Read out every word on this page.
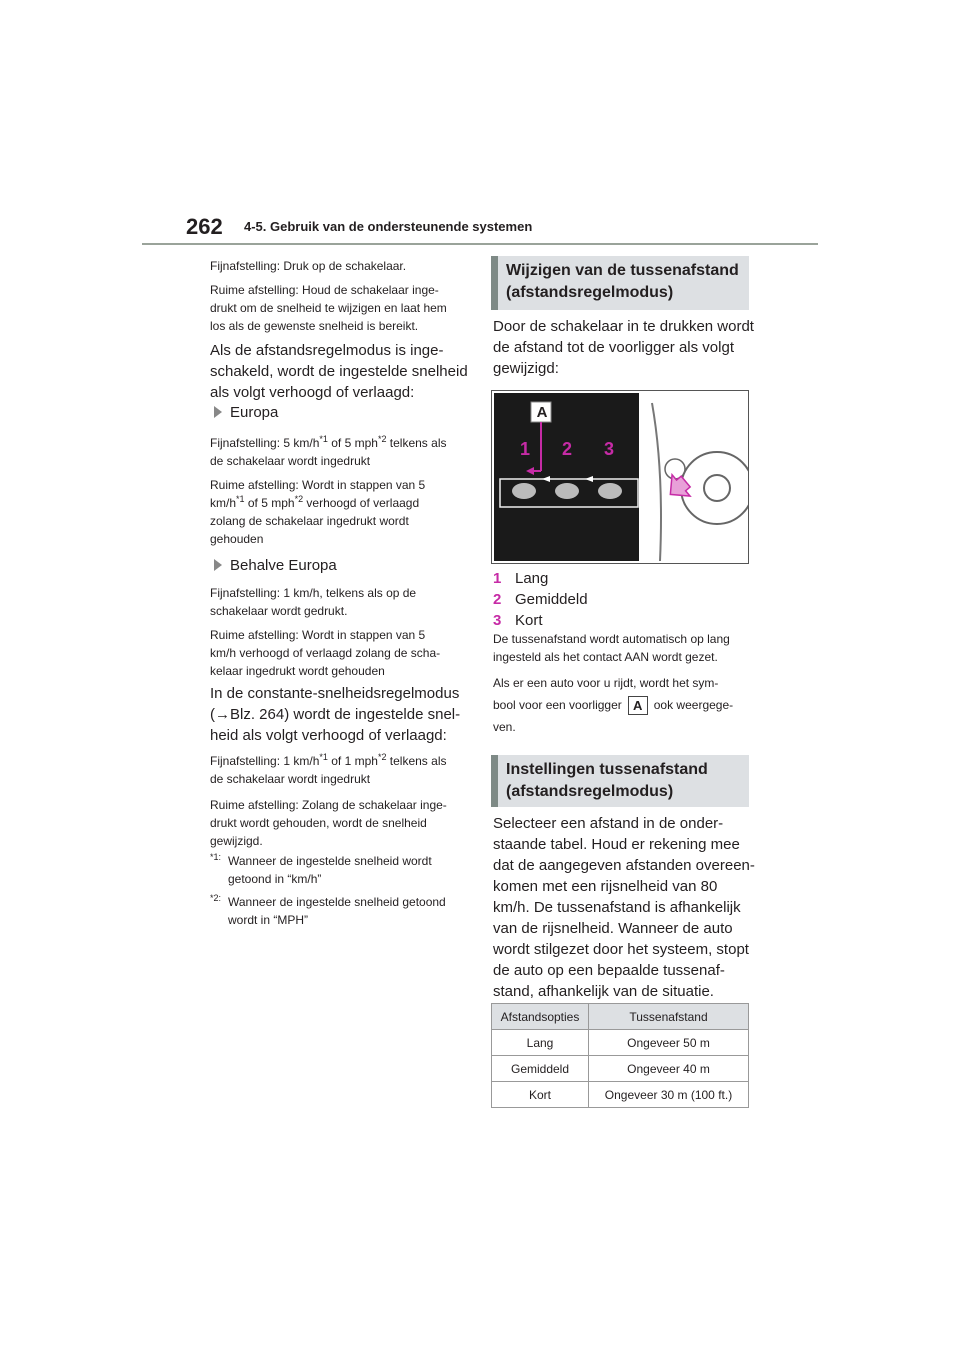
262 4-5. Gebruik van de ondersteunende systemen
Fijnafstelling: Druk op de schakelaar.
Ruime afstelling: Houd de schakelaar inge-
drukt om de snelheid te wijzigen en laat hem
los als de gewenste snelheid is bereikt.
Als de afstandsregelmodus is inge-
schakeld, wordt de ingestelde snelheid
als volgt verhoogd of verlaagd:
Europa
Fijnafstelling: 5 $km/h^{*1}$ of 5 mph$^{*2}$ telkens als
de schakelaar wordt ingedrukt
Ruime afstelling: Wordt in stappen van 5
$km/h^{*1}$ of 5 mph$^{*2}$ verhoogd of verlaagd
zolang de schakelaar ingedrukt wordt
gehouden
Behalve Europa
Fijnafstelling: 1 km/h, telkens als op de
schakelaar wordt gedrukt.
Ruime afstelling: Wordt in stappen van 5
km/h verhoogd of verlaagd zolang de scha-
kelaar ingedrukt wordt gehouden
In de constante-snelheidsregelmodus
(→Blz. 264) wordt de ingestelde snel-
heid als volgt verhoogd of verlaagd:
Fijnafstelling: 1 $km/h^{*1}$ of 1 mph$^{*2}$ telkens als
de schakelaar wordt ingedrukt
Ruime afstelling: Zolang de schakelaar inge-
drukt wordt gehouden, wordt de snelheid
gewijzigd.
$^{*1:}$ Wanneer de ingestelde snelheid wordt
getoond in “km/h”
$^{*2:}$ Wanneer de ingestelde snelheid getoond
wordt in “MPH”
Wijzigen van de tussenafstand
(afstandsregelmodus)
Door de schakelaar in te drukken wordt
de afstand tot de voorligger als volgt
gewijzigd:
A
1 2 3
1 Lang
2 Gemiddeld
3 Kort
De tussenafstand wordt automatisch op lang
ingesteld als het contact AAN wordt gezet.
Als er een auto voor u rijdt, wordt het sym-
bool voor een voorligger A ook weergege-
ven.
Instellingen tussenafstand
(afstandsregelmodus)
Selecteer een afstand in de onder-
staande tabel. Houd er rekening mee
dat de aangegeven afstanden overeen-
komen met een rijsnelheid van 80
km/h. De tussenafstand is afhankelijk
van de rijsnelheid. Wanneer de auto
wordt stilgezet door het systeem, stopt
de auto op een bepaalde tussenaf-
stand, afhankelijk van de situatie.
Afstandsopties	Tussenafstand
Lang	Ongeveer 50 m
Gemiddeld	Ongeveer 40 m
Kort	Ongeveer 30 m (100 ft.)
